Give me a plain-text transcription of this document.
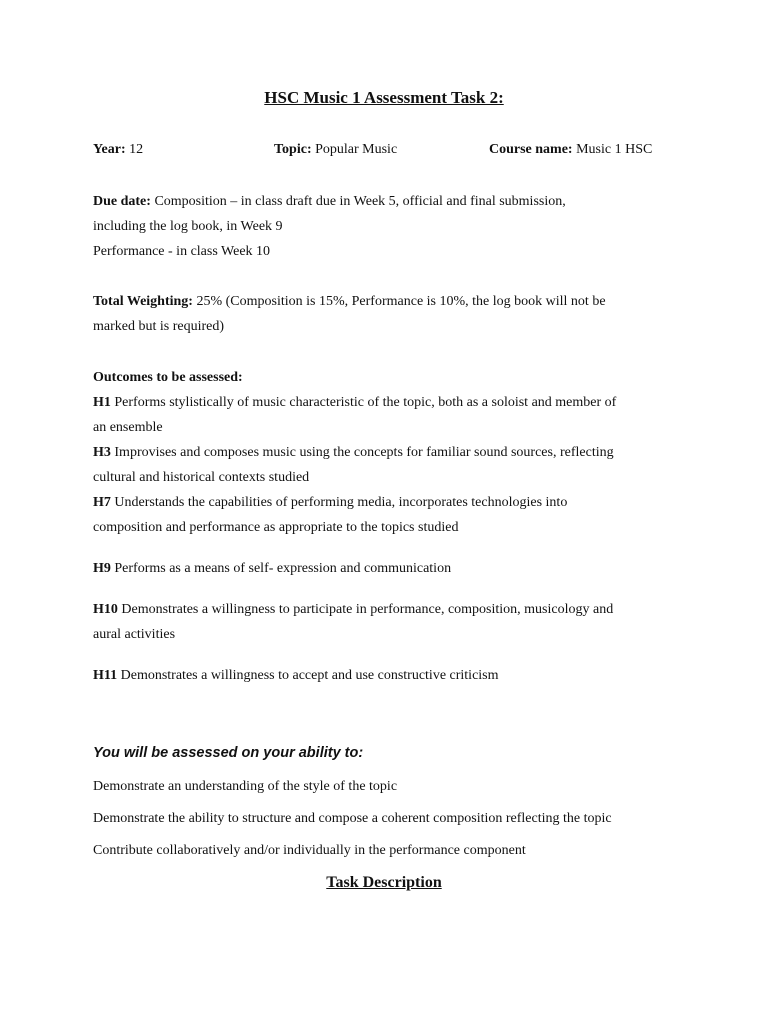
HSC Music 1 Assessment Task 2:
Year: 12	Topic: Popular Music	Course name: Music 1 HSC
Due date: Composition – in class draft due in Week 5, official and final submission,
including the log book, in Week 9
Performance - in class Week 10
Total Weighting: 25% (Composition is 15%, Performance is 10%, the log book will not be
marked but is required)
Outcomes to be assessed:
H1 Performs stylistically of music characteristic of the topic, both as a soloist and member of
an ensemble
H3 Improvises and composes music using the concepts for familiar sound sources, reflecting
cultural and historical contexts studied
H7 Understands the capabilities of performing media, incorporates technologies into
composition and performance as appropriate to the topics studied
H9 Performs as a means of self- expression and communication
H10 Demonstrates a willingness to participate in performance, composition, musicology and
aural activities
H11 Demonstrates a willingness to accept and use constructive criticism
You will be assessed on your ability to:
Demonstrate an understanding of the style of the topic
Demonstrate the ability to structure and compose a coherent composition reflecting the topic
Contribute collaboratively and/or individually in the performance component
Task Description
